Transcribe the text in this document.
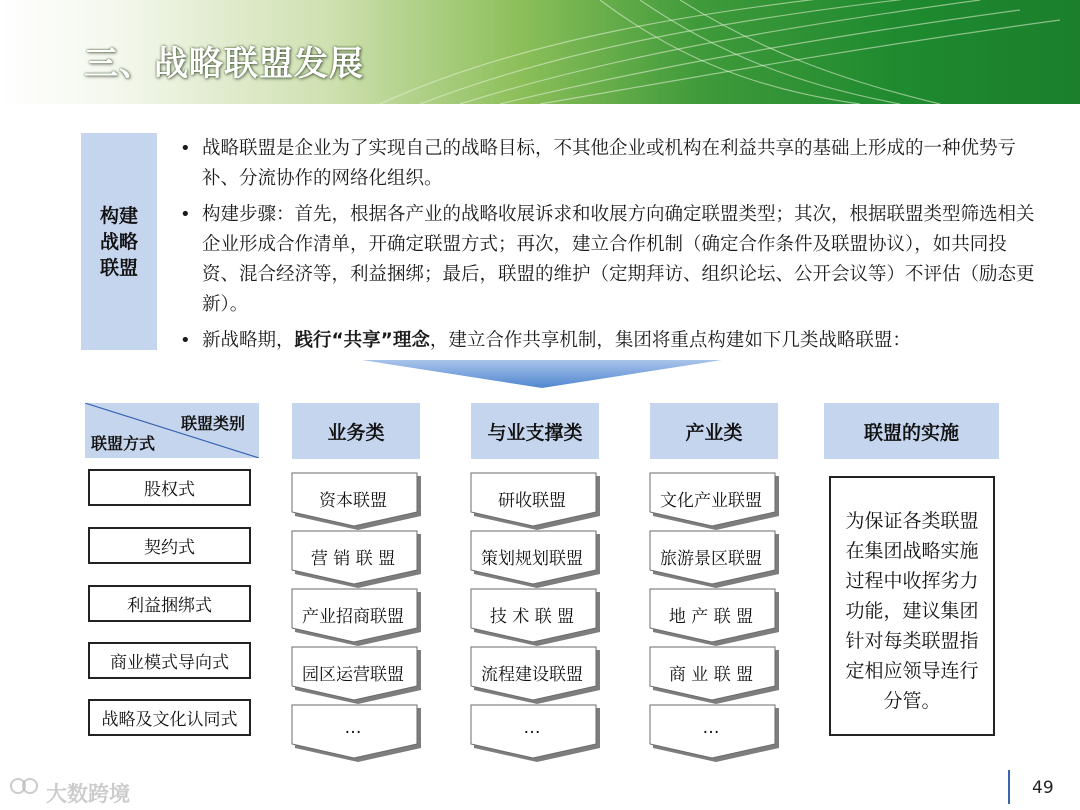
三、战略联盟发展
构建战略联盟
• 战略联盟是企业为了实现自己的战略目标，不其他企业或机构在利益共享的基础上形成的一种优势亏补、分流协作的网络化组织。
• 构建步骤：首先，根据各产业的战略收展诉求和收展方向确定联盟类型；其次，根据联盟类型筛选相关企业形成合作清单，开确定联盟方式；再次，建立合作机制（确定合作条件及联盟协议），如共同投资、混合经济等，利益捆绑；最后，联盟的维护（定期拜访、组织论坛、公开会议等）不评估（励态更新）。
• 新战略期，践行“共享”理念，建立合作共享机制，集团将重点构建如下几类战略联盟：
联盟类别
联盟方式
股权式
契约式
利益捆绑式
商业模式导向式
战略及文化认同式
业务类	与业支撑类	产业类	联盟的实施
资本联盟
营 销 联 盟
产业招商联盟
园区运营联盟
…
研收联盟
策划规划联盟
技 术 联 盟
流程建设联盟
…
文化产业联盟
旅游景区联盟
地 产 联 盟
商 业 联 盟
…
为保证各类联盟在集团战略实施过程中收挥劣力功能，建议集团针对每类联盟指定相应领导连行分管。
大数跨境	49
